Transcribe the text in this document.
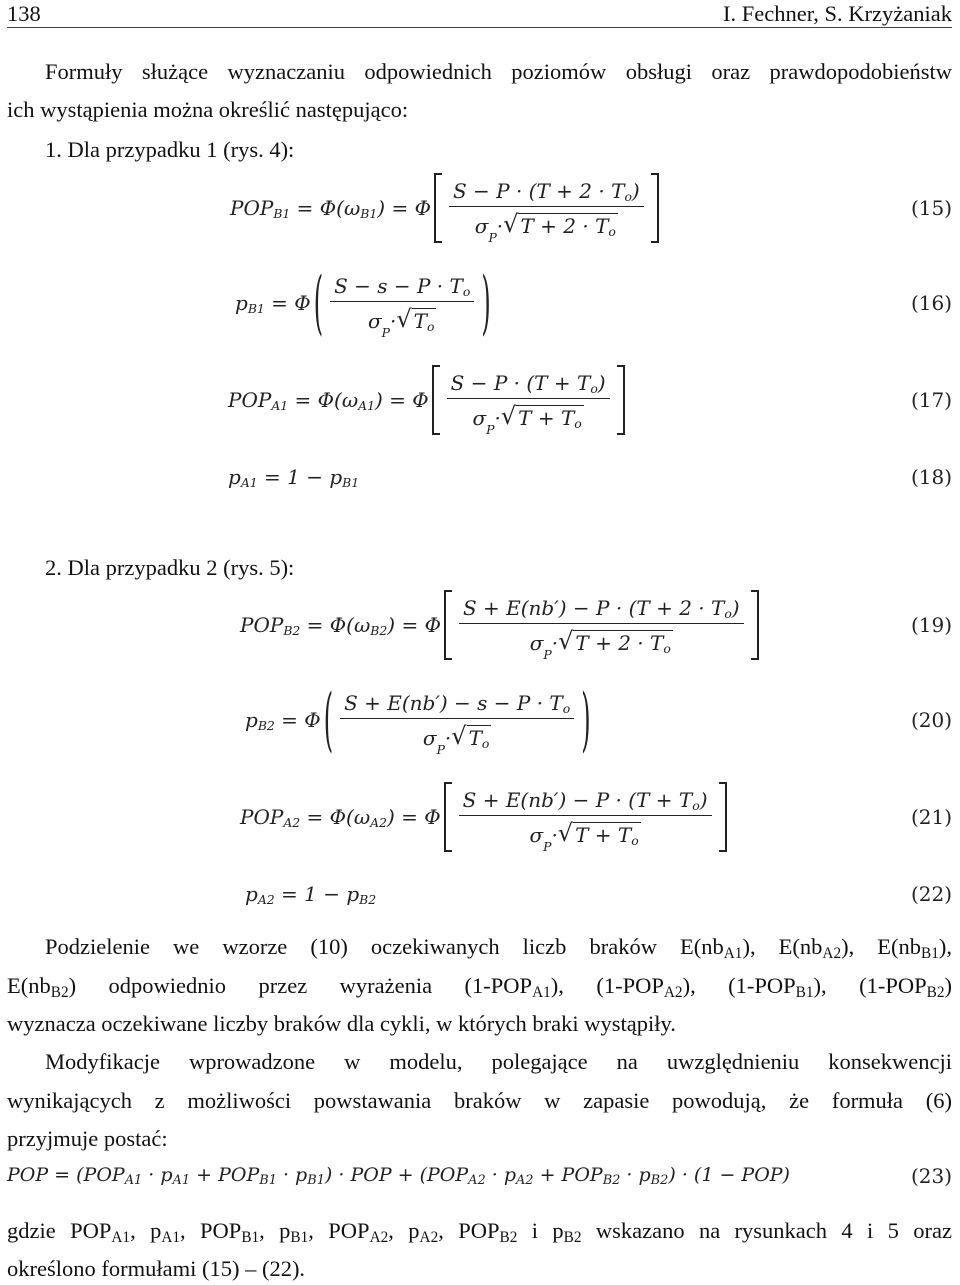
138	I. Fechner, S. Krzyżaniak
Formuły służące wyznaczaniu odpowiednich poziomów obsługi oraz prawdopodobieństw
ich wystąpienia można określić następująco:
1. Dla przypadku 1 (rys. 4):
$POP_{B1} = \Phi(\omega_{B1}) = \Phi \frac{S - P \cdot (T + 2 \cdot T_o)}{\sigma P \cdot √ T + 2 \cdot T_o}$
$p_{B1} = \Phi$ ( $\frac{S - s - P \cdot T_o}{\sigma P \cdot √ T_o}$ )
$POP_{A1} = \Phi(\omega_{A1}) = \Phi \frac{S - P \cdot (T + T_o)}{\sigma P \cdot √ T + T_o}$
$p_{A1} = 1 - p_{B1}$
2. Dla przypadku 2 (rys. 5):
$POP_{B2} = \Phi(\omega_{B2}) = \Phi \frac{S + E(nb') - P \cdot (T + 2 \cdot T_o)}{\sigma P \cdot √ T + 2 \cdot T_o}$
$p_{B2} = \Phi$ ( $\frac{S + E(nb') - s - P \cdot T_o}{\sigma P \cdot √ T_o}$ )
$POP_{A2} = \Phi(\omega_{A2}) = \Phi \frac{S + E(nb') - P \cdot (T + T_o)}{\sigma P \cdot √ T + T_o}$
$p_{A2} = 1 - p_{B2}$
Podzielenie we wzorze (10) oczekiwanych liczb braków $E(nb_{A1})$, $E(nb_{A2})$, $E(nb_{B1})$,
$E(nb_{B2})$ odpowiednio przez wyrażenia $(1-POP_{A1})$, $(1-POP_{A2})$, $(1-POP_{B1})$, $(1-POP_{B2})$
wyznacza oczekiwane liczby braków dla cykli, w których braki wystąpiły.
Modyfikacje wprowadzone w modelu, polegające na uwzględnieniu konsekwencji
wynikających z możliwości powstawania braków w zapasie powodują, że formuła (6)
przyjmuje postać:
POP = $(POP_{A1} \cdot p_{A1} + POP_{B1} \cdot p_{B1})$ · POP + $(POP_{A2} \cdot p_{A2} + POP_{B2} \cdot p_{B2}) \cdot (1 - POP)$	(23)
gdzie $POP_{A1}$, $p_{A1}$, $POP_{B1}$, $p_{B1}$, $POP_{A2}$, $p_{A2}$, $POP_{B2}$ i $p_{B2}$ wskazano na rysunkach 4 i 5 oraz
określono formułami (15) – (22).
(15)
(16)
(17)
(18)
(19)
(20)
(21)
(22)
